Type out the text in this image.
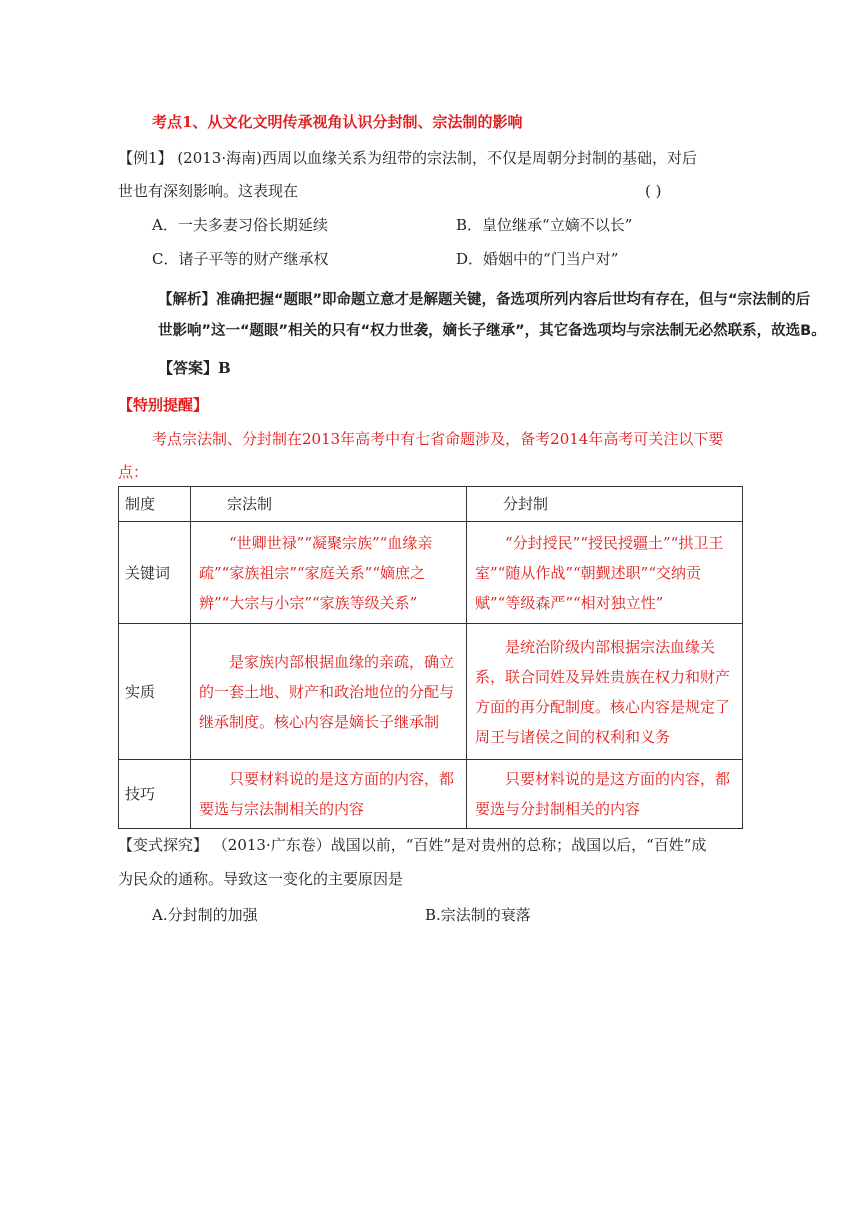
考点1、从文化文明传承视角认识分封制、宗法制的影响
【例1】 (2013·海南)西周以血缘关系为纽带的宗法制，不仅是周朝分封制的基础，对后
世也有深刻影响。这表现在	( )
A．一夫多妻习俗长期延续	B．皇位继承“立嫡不以长”
C．诸子平等的财产继承权	D．婚姻中的“门当户对”
【解析】准确把握“题眼”即命题立意才是解题关键，备选项所列内容后世均有存在，但与“宗法制的后
世影响”这一“题眼”相关的只有“权力世袭，嫡长子继承”，其它备选项均与宗法制无必然联系，故选B。
【答案】B
【特别提醒】
考点宗法制、分封制在2013年高考中有七省命题涉及，备考2014年高考可关注以下要
点：
制度	宗法制	分封制
关键词	“世卿世禄”“凝聚宗族”“血缘亲疏”“家族祖宗”“家庭关系”“嫡庶之辨”“大宗与小宗”“家族等级关系”	“分封授民”“授民授疆土”“拱卫王室”“随从作战”“朝觐述职”“交纳贡赋”“等级森严”“相对独立性”
实质	是家族内部根据血缘的亲疏，确立的一套土地、财产和政治地位的分配与继承制度。核心内容是嫡长子继承制	是统治阶级内部根据宗法血缘关系，联合同姓及异姓贵族在权力和财产方面的再分配制度。核心内容是规定了周王与诸侯之间的权利和义务
技巧	只要材料说的是这方面的内容，都要选与宗法制相关的内容	只要材料说的是这方面的内容，都要选与分封制相关的内容
【变式探究】 （2013·广东卷）战国以前，“百姓”是对贵州的总称；战国以后，“百姓”成
为民众的通称。导致这一变化的主要原因是
A.分封制的加强	B.宗法制的衰落
